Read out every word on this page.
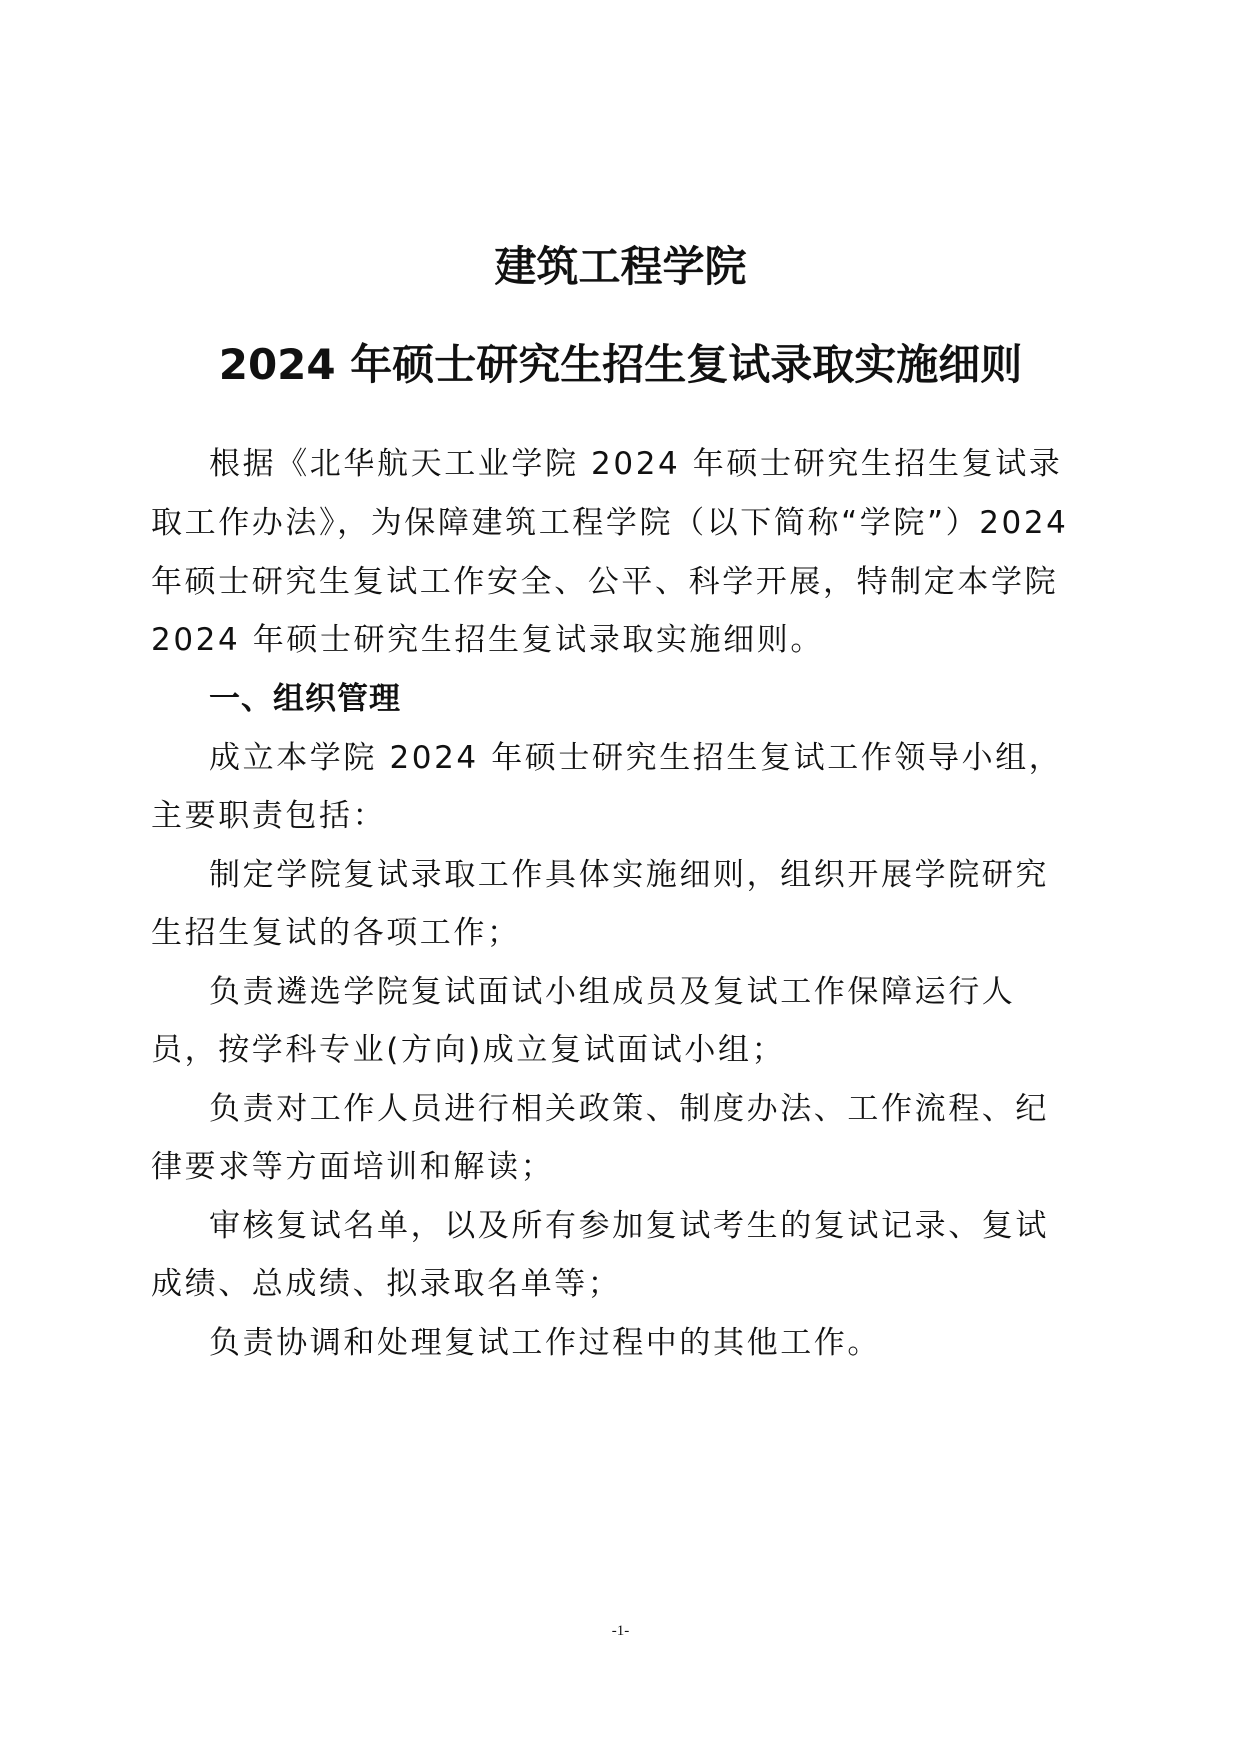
建筑工程学院
2024 年硕士研究生招生复试录取实施细则
根据《北华航天工业学院 2024 年硕士研究生招生复试录
取工作办法》，为保障建筑工程学院（以下简称“学院”）2024
年硕士研究生复试工作安全、公平、科学开展，特制定本学院
2024 年硕士研究生招生复试录取实施细则。
一、组织管理
成立本学院 2024 年硕士研究生招生复试工作领导小组，
主要职责包括：
制定学院复试录取工作具体实施细则，组织开展学院研究
生招生复试的各项工作；
负责遴选学院复试面试小组成员及复试工作保障运行人
员，按学科专业(方向)成立复试面试小组；
负责对工作人员进行相关政策、制度办法、工作流程、纪
律要求等方面培训和解读；
审核复试名单，以及所有参加复试考生的复试记录、复试
成绩、总成绩、拟录取名单等；
负责协调和处理复试工作过程中的其他工作。
-1-
